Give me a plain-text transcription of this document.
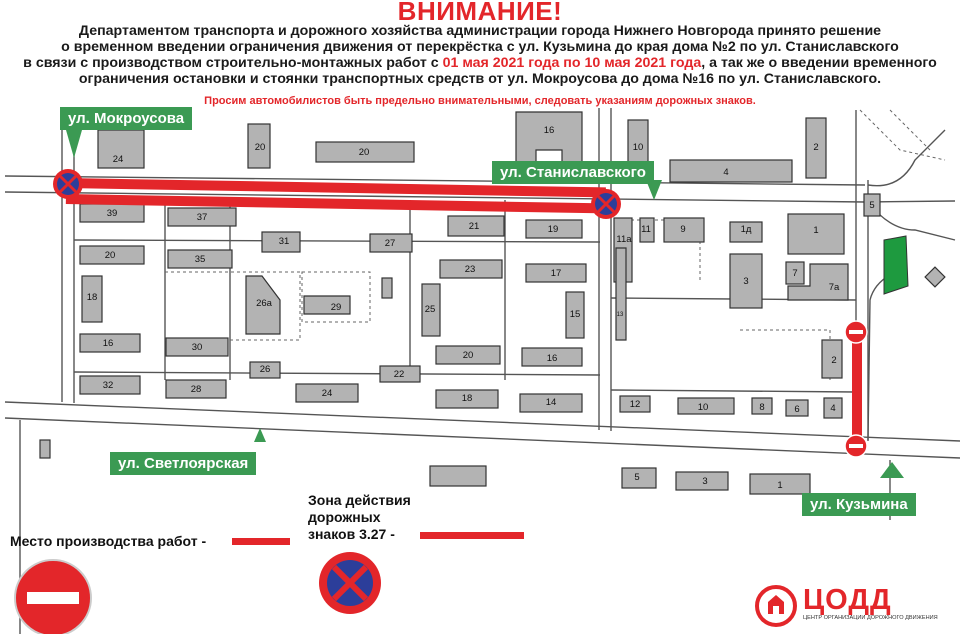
ВНИМАНИЕ!
Департаментом транспорта и дорожного хозяйства администрации города Нижнего Новгорода принято решение
о временном введении ограничения движения от перекрёстка с ул. Кузьмина до края дома №2 по ул. Станиславского
в связи с производством строительно-монтажных работ с 01 мая 2021 года по 10 мая 2021 года, а так же о введении временного
ограничения остановки и стоянки транспортных средств от ул. Мокроусова до дома №16 по ул. Станиславского.
Просим автомобилистов быть предельно внимательными, следовать указаниям дорожных знаков.
24
20	20
16
10	2
4
5
39	37
21	19
11а
11	9	1д	1
31	27
20	35
23	17
3
7
7а
18
26а	29	25	15	13
16	30
20	16	2
26	22
32	28	24	18	14	12	10	8	6	4
5	3	1
ул. Мокроусова
ул. Станиславского
ул. Светлоярская
ул. Кузьмина
Место производства работ -
Зона действия
дорожных
знаков 3.27 -
ЦОДД
ЦЕНТР ОРГАНИЗАЦИИ ДОРОЖНОГО ДВИЖЕНИЯ
